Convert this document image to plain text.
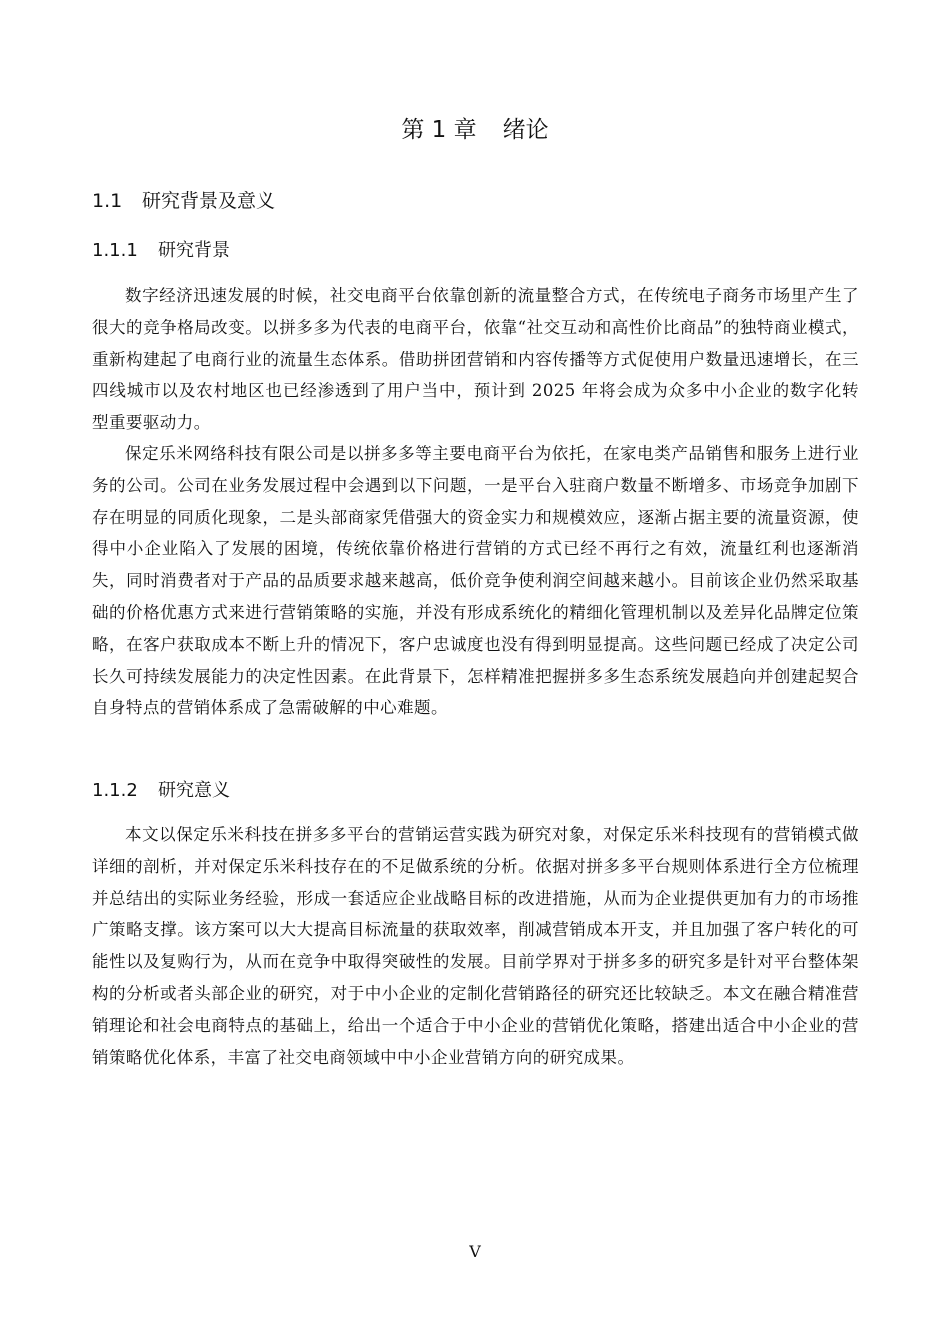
第 1 章 绪论
1.1 研究背景及意义
1.1.1 研究背景

数字经济迅速发展的时候，社交电商平台依靠创新的流量整合方式，在传统电子商务市场里产生了很大的竞争格局改变。以拼多多为代表的电商平台，依靠“社交互动和高性价比商品”的独特商业模式，重新构建起了电商行业的流量生态体系。借助拼团营销和内容传播等方式促使用户数量迅速增长，在三四线城市以及农村地区也已经渗透到了用户当中，预计到 2025 年将会成为众多中小企业的数字化转型重要驱动力。

保定乐米网络科技有限公司是以拼多多等主要电商平台为依托，在家电类产品销售和服务上进行业务的公司。公司在业务发展过程中会遇到以下问题，一是平台入驻商户数量不断增多、市场竞争加剧下存在明显的同质化现象，二是头部商家凭借强大的资金实力和规模效应，逐渐占据主要的流量资源，使得中小企业陷入了发展的困境，传统依靠价格进行营销的方式已经不再行之有效，流量红利也逐渐消失，同时消费者对于产品的品质要求越来越高，低价竞争使利润空间越来越小。目前该企业仍然采取基础的价格优惠方式来进行营销策略的实施，并没有形成系统化的精细化管理机制以及差异化品牌定位策略，在客户获取成本不断上升的情况下，客户忠诚度也没有得到明显提高。这些问题已经成了决定公司长久可持续发展能力的决定性因素。在此背景下，怎样精准把握拼多多生态系统发展趋向并创建起契合自身特点的营销体系成了急需破解的中心难题。

1.1.2 研究意义

本文以保定乐米科技在拼多多平台的营销运营实践为研究对象，对保定乐米科技现有的营销模式做详细的剖析，并对保定乐米科技存在的不足做系统的分析。依据对拼多多平台规则体系进行全方位梳理并总结出的实际业务经验，形成一套适应企业战略目标的改进措施，从而为企业提供更加有力的市场推广策略支撑。该方案可以大大提高目标流量的获取效率，削减营销成本开支，并且加强了客户转化的可能性以及复购行为，从而在竞争中取得突破性的发展。目前学界对于拼多多的研究多是针对平台整体架构的分析或者头部企业的研究，对于中小企业的定制化营销路径的研究还比较缺乏。本文在融合精准营销理论和社会电商特点的基础上，给出一个适合于中小企业的营销优化策略，搭建出适合中小企业的营销策略优化体系，丰富了社交电商领域中中小企业营销方向的研究成果。

V
